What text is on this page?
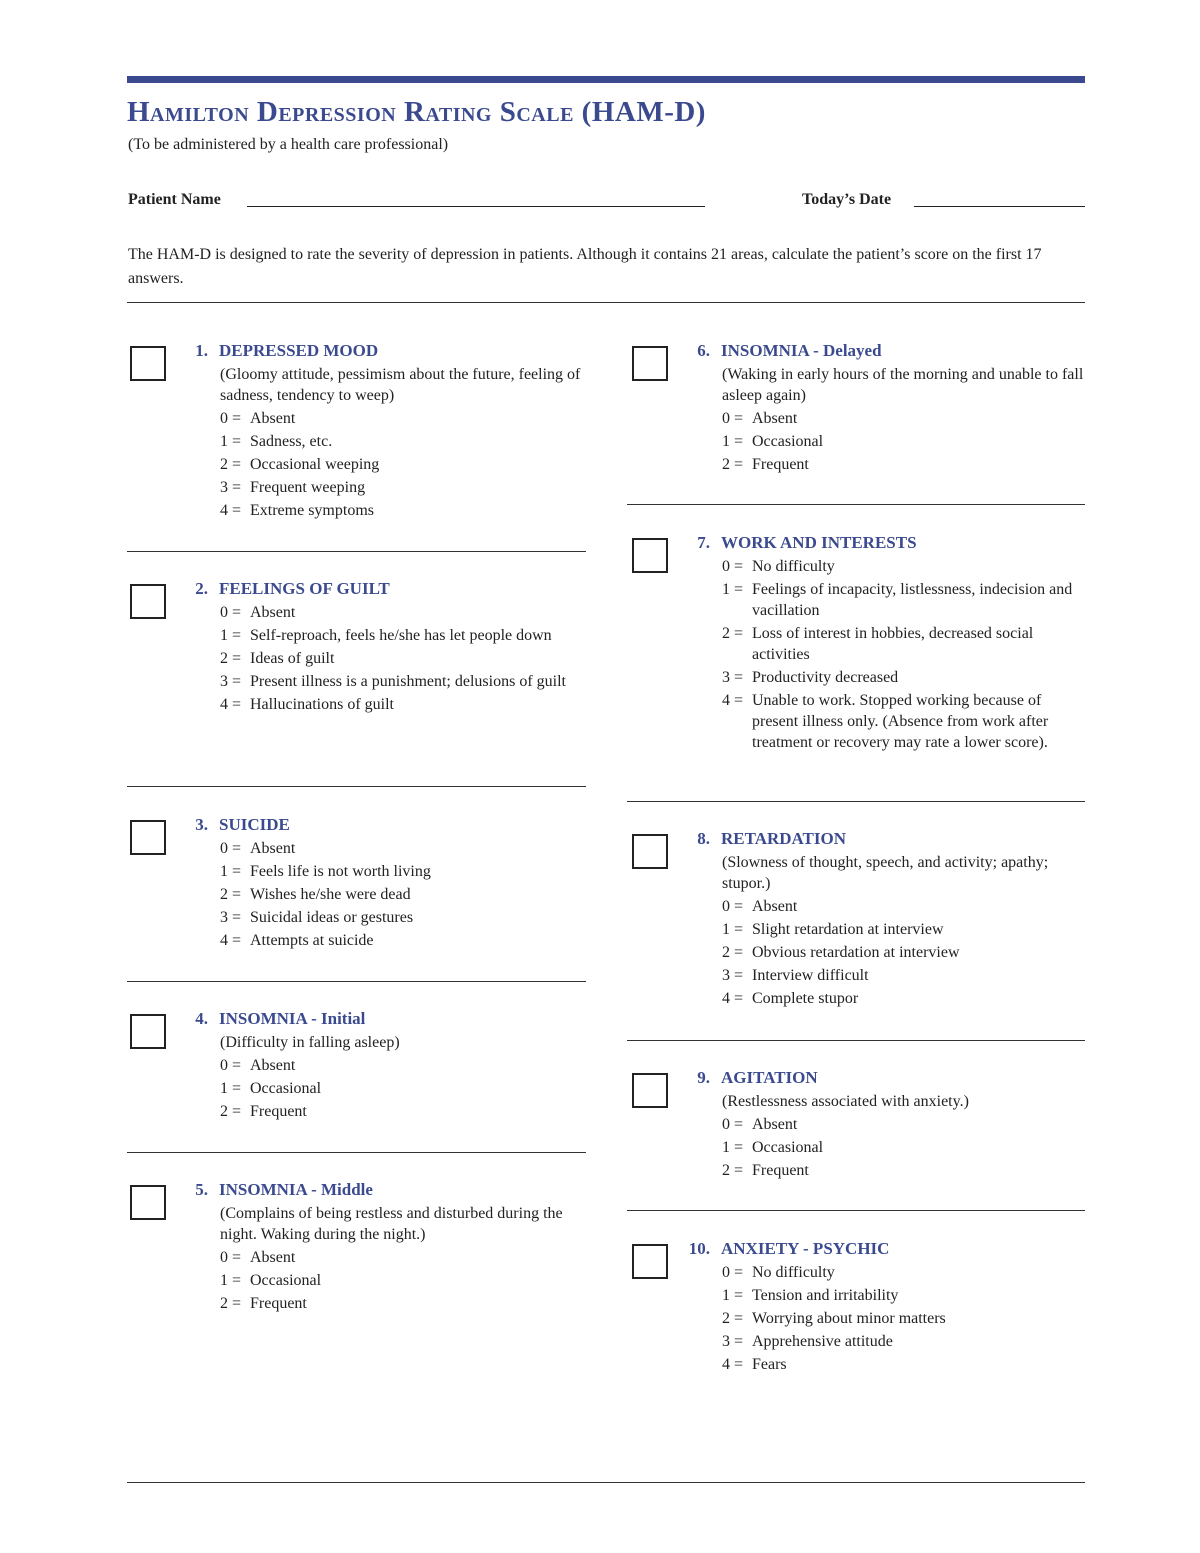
Hamilton Depression Rating Scale (HAM-D)
(To be administered by a health care professional)
Patient Name	Today’s Date

The HAM-D is designed to rate the severity of depression in patients. Although it contains 21 areas, calculate the patient’s score on the first 17 answers.

1. DEPRESSED MOOD
(Gloomy attitude, pessimism about the future, feeling of sadness, tendency to weep)
0 = Absent
1 = Sadness, etc.
2 = Occasional weeping
3 = Frequent weeping
4 = Extreme symptoms
2. FEELINGS OF GUILT
0 = Absent
1 = Self-reproach, feels he/she has let people down
2 = Ideas of guilt
3 = Present illness is a punishment; delusions of guilt
4 = Hallucinations of guilt
3. SUICIDE
0 = Absent
1 = Feels life is not worth living
2 = Wishes he/she were dead
3 = Suicidal ideas or gestures
4 = Attempts at suicide
4. INSOMNIA - Initial
(Difficulty in falling asleep)
0 = Absent
1 = Occasional
2 = Frequent
5. INSOMNIA - Middle
(Complains of being restless and disturbed during the night. Waking during the night.)
0 = Absent
1 = Occasional
2 = Frequent
6. INSOMNIA - Delayed
(Waking in early hours of the morning and unable to fall asleep again)
0 = Absent
1 = Occasional
2 = Frequent
7. WORK AND INTERESTS
0 = No difficulty
1 = Feelings of incapacity, listlessness, indecision and vacillation
2 = Loss of interest in hobbies, decreased social activities
3 = Productivity decreased
4 = Unable to work. Stopped working because of present illness only. (Absence from work after treatment or recovery may rate a lower score).
8. RETARDATION
(Slowness of thought, speech, and activity; apathy; stupor.)
0 = Absent
1 = Slight retardation at interview
2 = Obvious retardation at interview
3 = Interview difficult
4 = Complete stupor
9. AGITATION
(Restlessness associated with anxiety.)
0 = Absent
1 = Occasional
2 = Frequent
10. ANXIETY - PSYCHIC
0 = No difficulty
1 = Tension and irritability
2 = Worrying about minor matters
3 = Apprehensive attitude
4 = Fears
